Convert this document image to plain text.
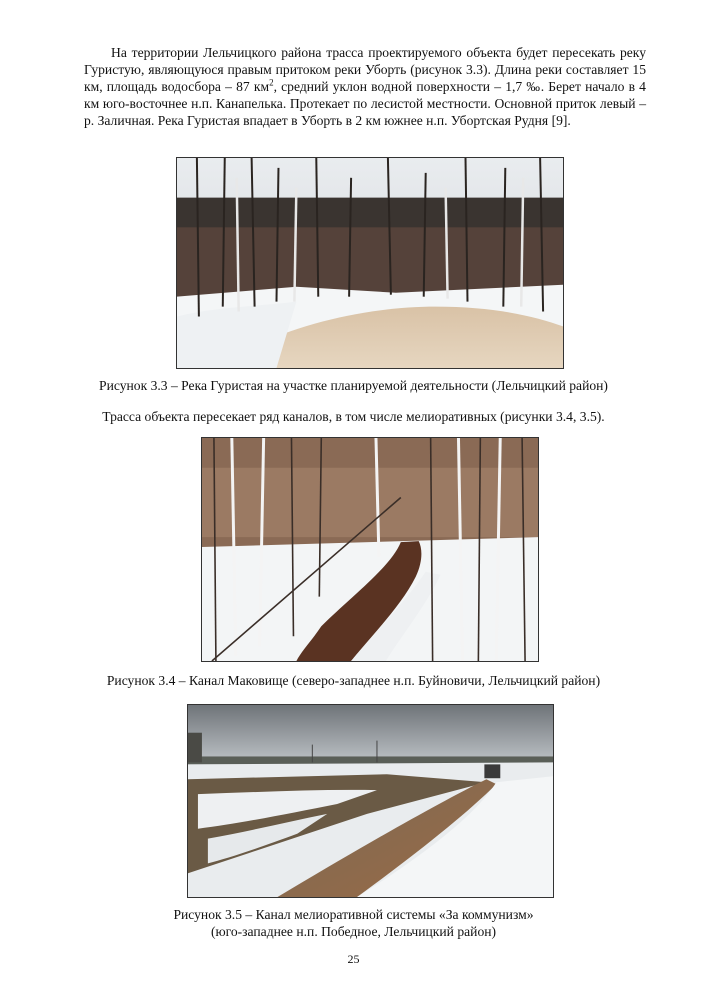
На территории Лельчицкого района трасса проектируемого объекта будет пересекать реку Гуристую, являющуюся правым притоком реки Уборть (рисунок 3.3). Длина реки составляет 15 км, площадь водосбора – 87 $км^2$, средний уклон водной поверхности – 1,7 ‰. Берет начало в 4 км юго-восточнее н.п. Канапелька. Протекает по лесистой местности. Основной приток левый – р. Заличная. Река Гуристая впадает в Уборть в 2 км южнее н.п. Убортская Рудня [9].

Рисунок 3.3 – Река Гуристая на участке планируемой деятельности (Лельчицкий район)

Трасса объекта пересекает ряд каналов, в том числе мелиоративных (рисунки 3.4, 3.5).

Рисунок 3.4 – Канал Маковище (северо-западнее н.п. Буйновичи, Лельчицкий район)

Рисунок 3.5 – Канал мелиоративной системы «За коммунизм»

(юго-западнее н.п. Победное, Лельчицкий район)

25
